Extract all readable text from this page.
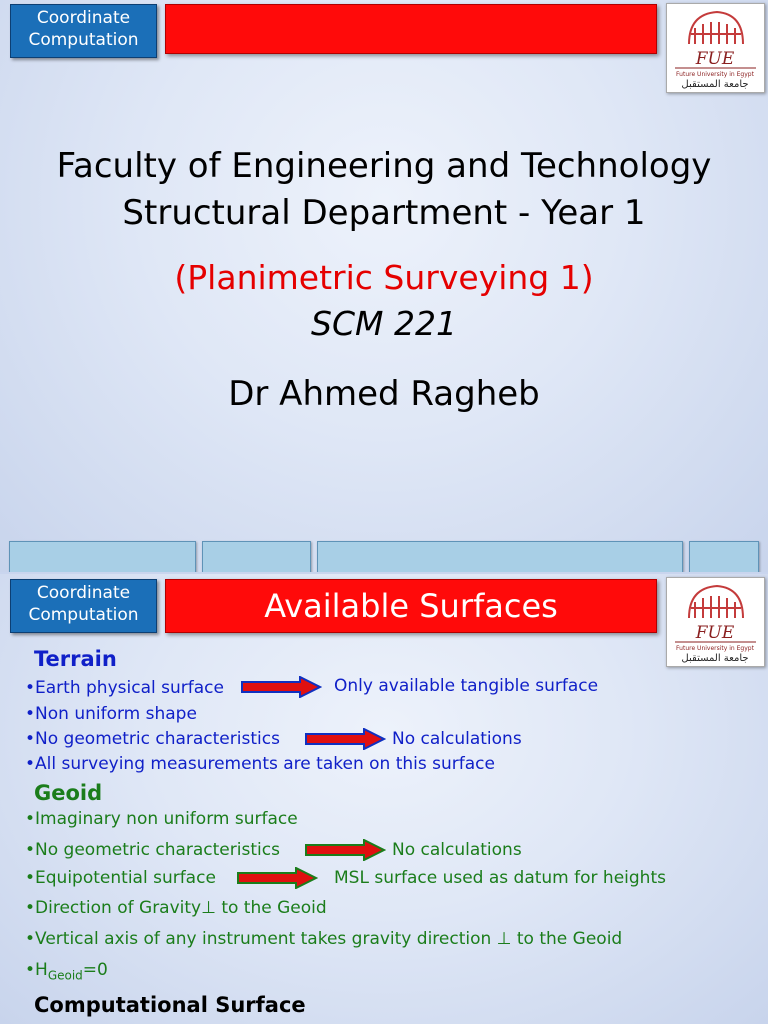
Coordinate
Computation
FUE
Future University in Egypt
جامعة المستقبل
Faculty of Engineering and Technology
Structural Department - Year 1
(Planimetric Surveying 1)
SCM 221
Dr Ahmed Ragheb
Coordinate
Computation	Available Surfaces
FUE
Future University in Egypt
جامعة المستقبل
Terrain
•Earth physical surface	Only available tangible surface
•Non uniform shape
•No geometric characteristics	No calculations
•All surveying measurements are taken on this surface
Geoid
•Imaginary non uniform surface
•No geometric characteristics	No calculations
•Equipotential surface	MSL surface used as datum for heights
•Direction of Gravity⊥ to the Geoid
•Vertical axis of any instrument takes gravity direction ⊥ to the Geoid
$•H_{Geoid}=0$
Computational Surface
